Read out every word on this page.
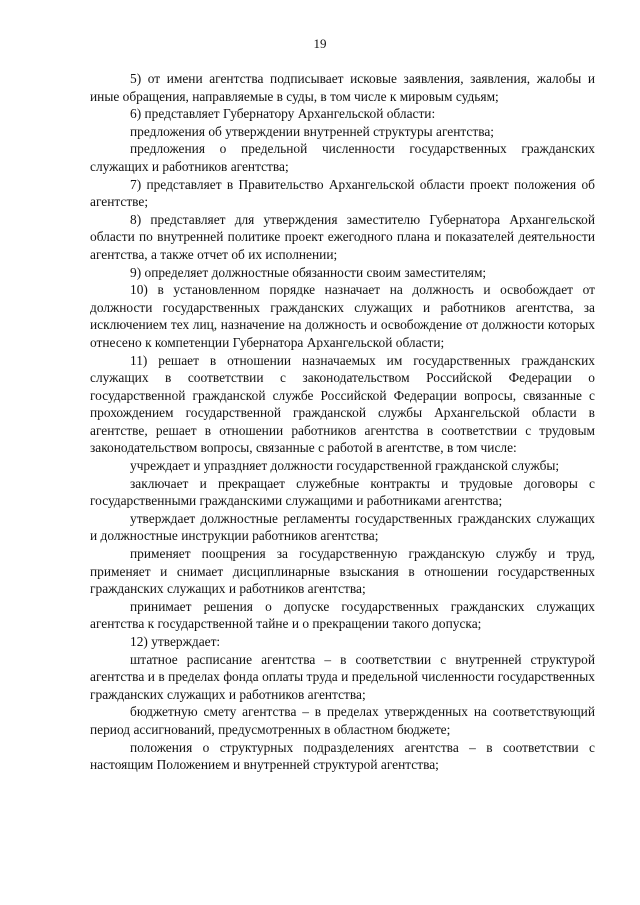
19

5) от имени агентства подписывает исковые заявления, заявления, жалобы и иные обращения, направляемые в суды, в том числе к мировым судьям;

6) представляет Губернатору Архангельской области:

предложения об утверждении внутренней структуры агентства;

предложения о предельной численности государственных гражданских служащих и работников агентства;

7) представляет в Правительство Архангельской области проект положения об агентстве;

8) представляет для утверждения заместителю Губернатора Архангельской области по внутренней политике проект ежегодного плана и показателей деятельности агентства, а также отчет об их исполнении;

9) определяет должностные обязанности своим заместителям;

10) в установленном порядке назначает на должность и освобождает от должности государственных гражданских служащих и работников агентства, за исключением тех лиц, назначение на должность и освобождение от должности которых отнесено к компетенции Губернатора Архангельской области;

11) решает в отношении назначаемых им государственных гражданских служащих в соответствии с законодательством Российской Федерации о государственной гражданской службе Российской Федерации вопросы, связанные с прохождением государственной гражданской службы Архангельской области в агентстве, решает в отношении работников агентства в соответствии с трудовым законодательством вопросы, связанные с работой в агентстве, в том числе:

учреждает и упраздняет должности государственной гражданской службы;

заключает и прекращает служебные контракты и трудовые договоры с государственными гражданскими служащими и работниками агентства;

утверждает должностные регламенты государственных гражданских служащих и должностные инструкции работников агентства;

применяет поощрения за государственную гражданскую службу и труд, применяет и снимает дисциплинарные взыскания в отношении государственных гражданских служащих и работников агентства;

принимает решения о допуске государственных гражданских служащих агентства к государственной тайне и о прекращении такого допуска;

12) утверждает:

штатное расписание агентства – в соответствии с внутренней структурой агентства и в пределах фонда оплаты труда и предельной численности государственных гражданских служащих и работников агентства;

бюджетную смету агентства – в пределах утвержденных на соответствующий период ассигнований, предусмотренных в областном бюджете;

положения о структурных подразделениях агентства – в соответствии с настоящим Положением и внутренней структурой агентства;
